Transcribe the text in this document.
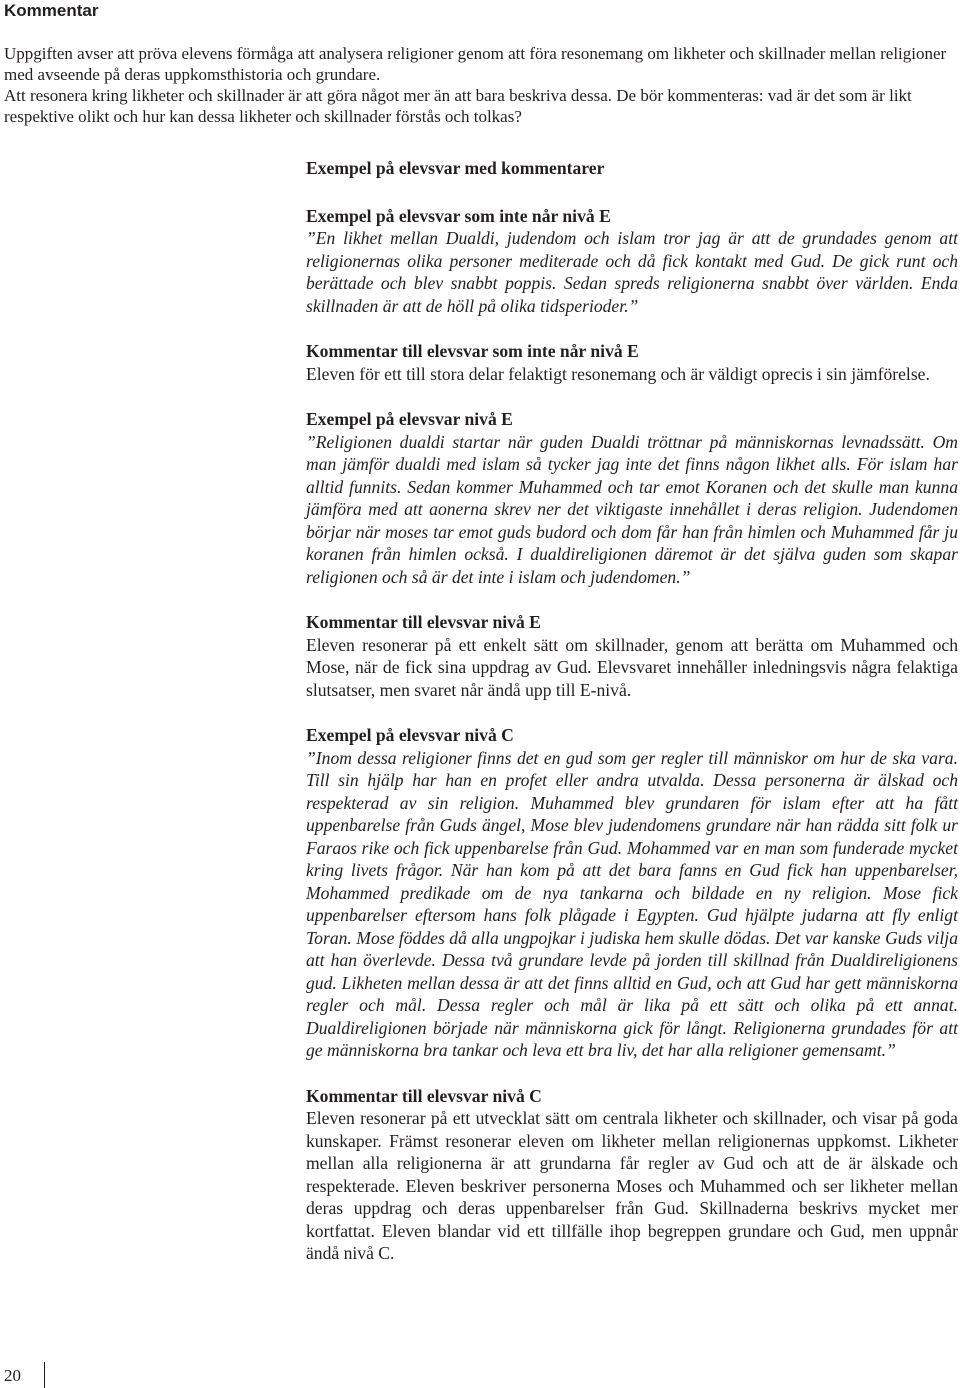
Kommentar

Uppgiften avser att pröva elevens förmåga att analysera religioner genom att föra resonemang om likheter och skillnader mellan religioner med avseende på deras uppkomsthistoria och grundare.

Att resonera kring likheter och skillnader är att göra något mer än att bara beskriva dessa. De bör kommenteras: vad är det som är likt respektive olikt och hur kan dessa likheter och skillnader förstås och tolkas?

Exempel på elevsvar med kommentarer
Exempel på elevsvar som inte når nivå E

”En likhet mellan Dualdi, judendom och islam tror jag är att de grundades genom att religionernas olika personer mediterade och då fick kontakt med Gud. De gick runt och berättade och blev snabbt poppis. Sedan spreds religionerna snabbt över världen. Enda skillnaden är att de höll på olika tidsperioder.”

Kommentar till elevsvar som inte når nivå E

Eleven för ett till stora delar felaktigt resonemang och är väldigt oprecis i sin jämförelse.

Exempel på elevsvar nivå E

”Religionen dualdi startar när guden Dualdi tröttnar på människornas levnadssätt. Om man jämför dualdi med islam så tycker jag inte det finns någon likhet alls. För islam har alltid funnits. Sedan kommer Muhammed och tar emot Koranen och det skulle man kunna jämföra med att aonerna skrev ner det viktigaste innehållet i deras religion. Judendomen börjar när moses tar emot guds budord och dom får han från himlen och Muhammed får ju koranen från himlen också. I dualdireligionen däremot är det själva guden som skapar religionen och så är det inte i islam och judendomen.”

Kommentar till elevsvar nivå E

Eleven resonerar på ett enkelt sätt om skillnader, genom att berätta om Muhammed och Mose, när de fick sina uppdrag av Gud. Elevsvaret innehåller inledningsvis några felaktiga slutsatser, men svaret når ändå upp till E-nivå.

Exempel på elevsvar nivå C

”Inom dessa religioner finns det en gud som ger regler till människor om hur de ska vara. Till sin hjälp har han en profet eller andra utvalda. Dessa personerna är älskad och respekterad av sin religion. Muhammed blev grundaren för islam efter att ha fått uppenbarelse från Guds ängel, Mose blev judendomens grundare när han rädda sitt folk ur Faraos rike och fick uppenbarelse från Gud. Mohammed var en man som funderade mycket kring livets frågor. När han kom på att det bara fanns en Gud fick han uppenbarelser, Mohammed predikade om de nya tankarna och bildade en ny religion. Mose fick uppenbarelser eftersom hans folk plågade i Egypten. Gud hjälpte judarna att fly enligt Toran. Mose föddes då alla ungpojkar i judiska hem skulle dödas. Det var kanske Guds vilja att han överlevde. Dessa två grundare levde på jorden till skillnad från Dualdireligionens gud. Likheten mellan dessa är att det finns alltid en Gud, och att Gud har gett människorna regler och mål. Dessa regler och mål är lika på ett sätt och olika på ett annat. Dualdireligionen började när människorna gick för långt. Religionerna grundades för att ge människorna bra tankar och leva ett bra liv, det har alla religioner gemensamt.”

Kommentar till elevsvar nivå C

Eleven resonerar på ett utvecklat sätt om centrala likheter och skillnader, och visar på goda kunskaper. Främst resonerar eleven om likheter mellan religionernas uppkomst. Likheter mellan alla religionerna är att grundarna får regler av Gud och att de är älskade och respekterade. Eleven beskriver personerna Moses och Muhammed och ser likheter mellan deras uppdrag och deras uppenbarelser från Gud. Skillnaderna beskrivs mycket mer kortfattat. Eleven blandar vid ett tillfälle ihop begreppen grundare och Gud, men uppnår ändå nivå C.

20
